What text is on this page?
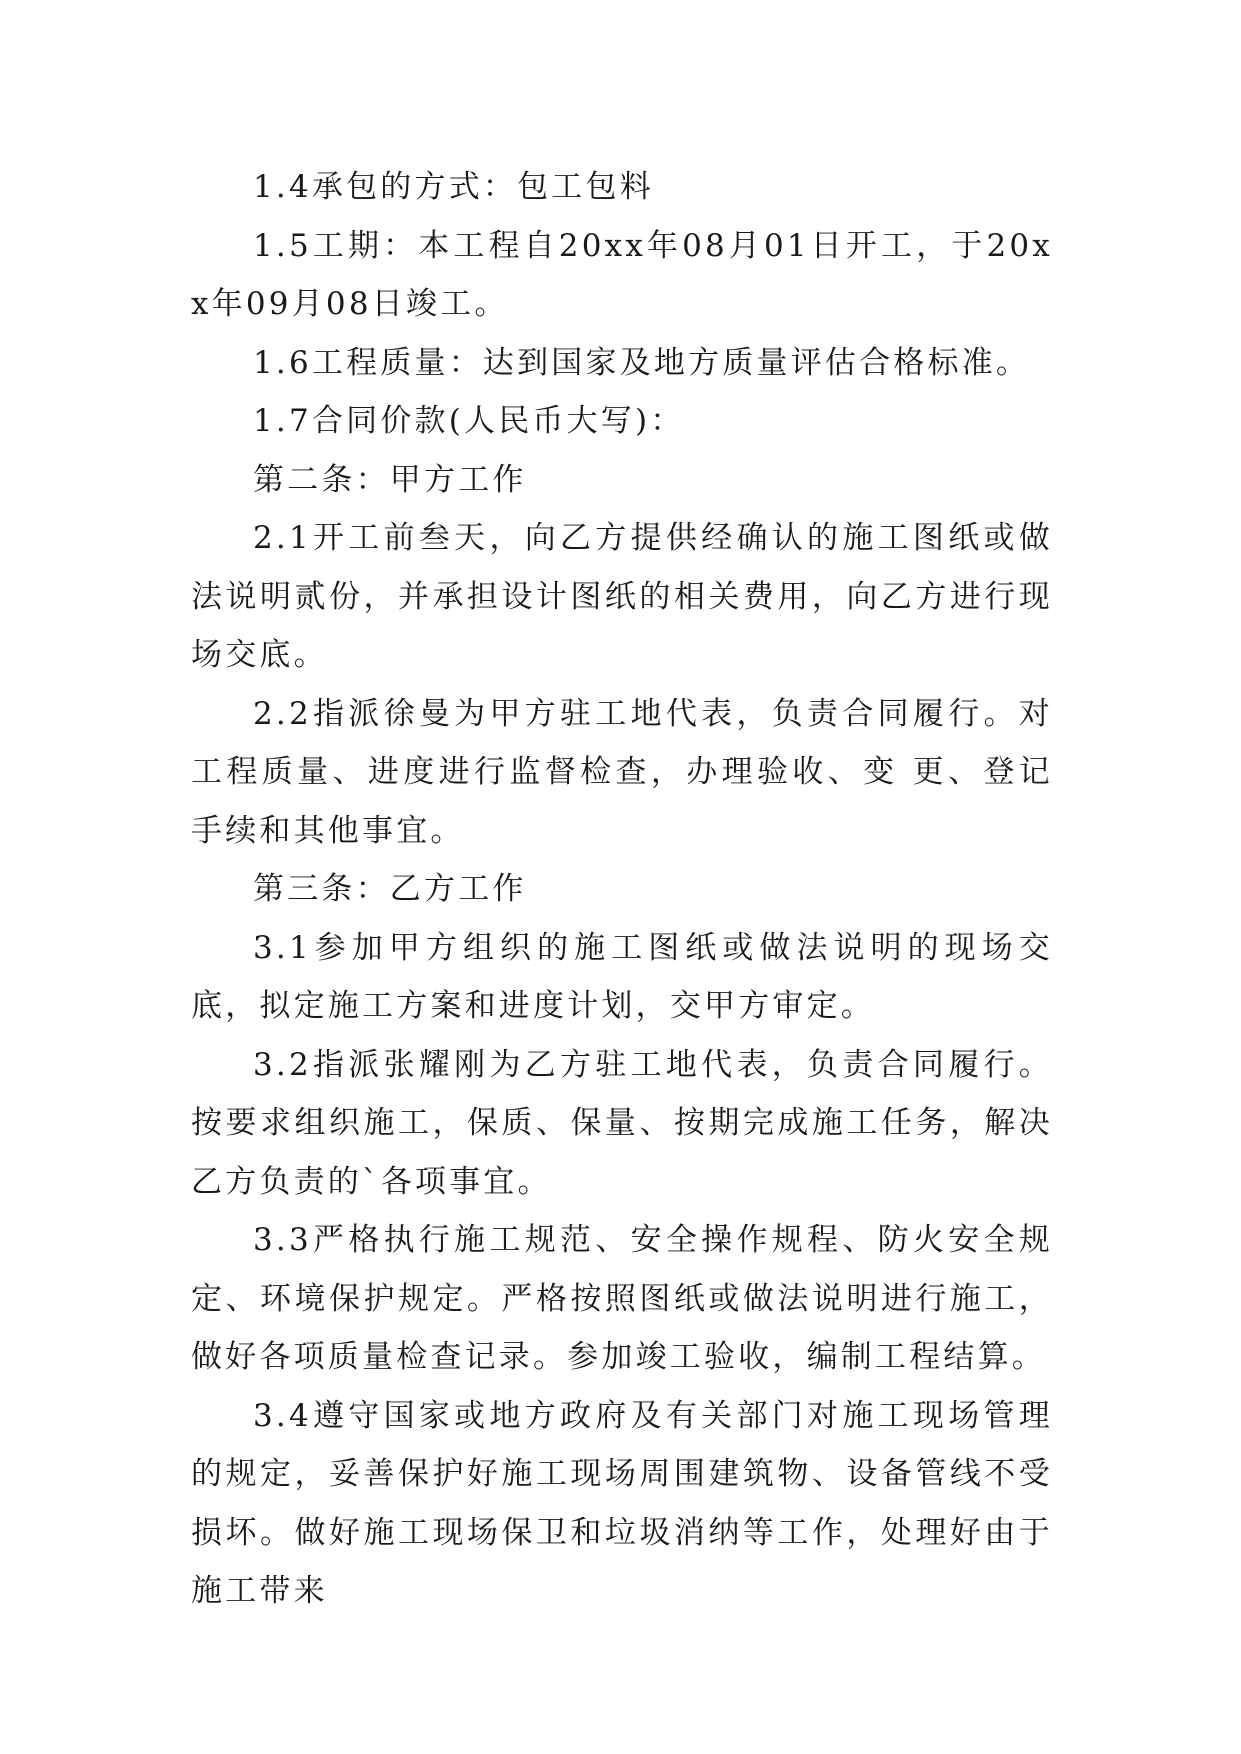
1.4承包的方式：包工包料

1.5工期：本工程自20xx年08月01日开工，于20xx年09月08日竣工。

1.6工程质量：达到国家及地方质量评估合格标准。

1.7合同价款(人民币大写)：

第二条：甲方工作

2.1开工前叁天，向乙方提供经确认的施工图纸或做法说明贰份，并承担设计图纸的相关费用，向乙方进行现场交底。

2.2指派徐曼为甲方驻工地代表，负责合同履行。对工程质量、进度进行监督检查，办理验收、变 更、登记手续和其他事宜。

第三条：乙方工作

3.1参加甲方组织的施工图纸或做法说明的现场交底，拟定施工方案和进度计划，交甲方审定。

3.2指派张耀刚为乙方驻工地代表，负责合同履行。按要求组织施工，保质、保量、按期完成施工任务，解决乙方负责的`各项事宜。

3.3严格执行施工规范、安全操作规程、防火安全规定、环境保护规定。严格按照图纸或做法说明进行施工，做好各项质量检查记录。参加竣工验收，编制工程结算。

3.4遵守国家或地方政府及有关部门对施工现场管理的规定，妥善保护好施工现场周围建筑物、设备管线不受损坏。做好施工现场保卫和垃圾消纳等工作，处理好由于施工带来
